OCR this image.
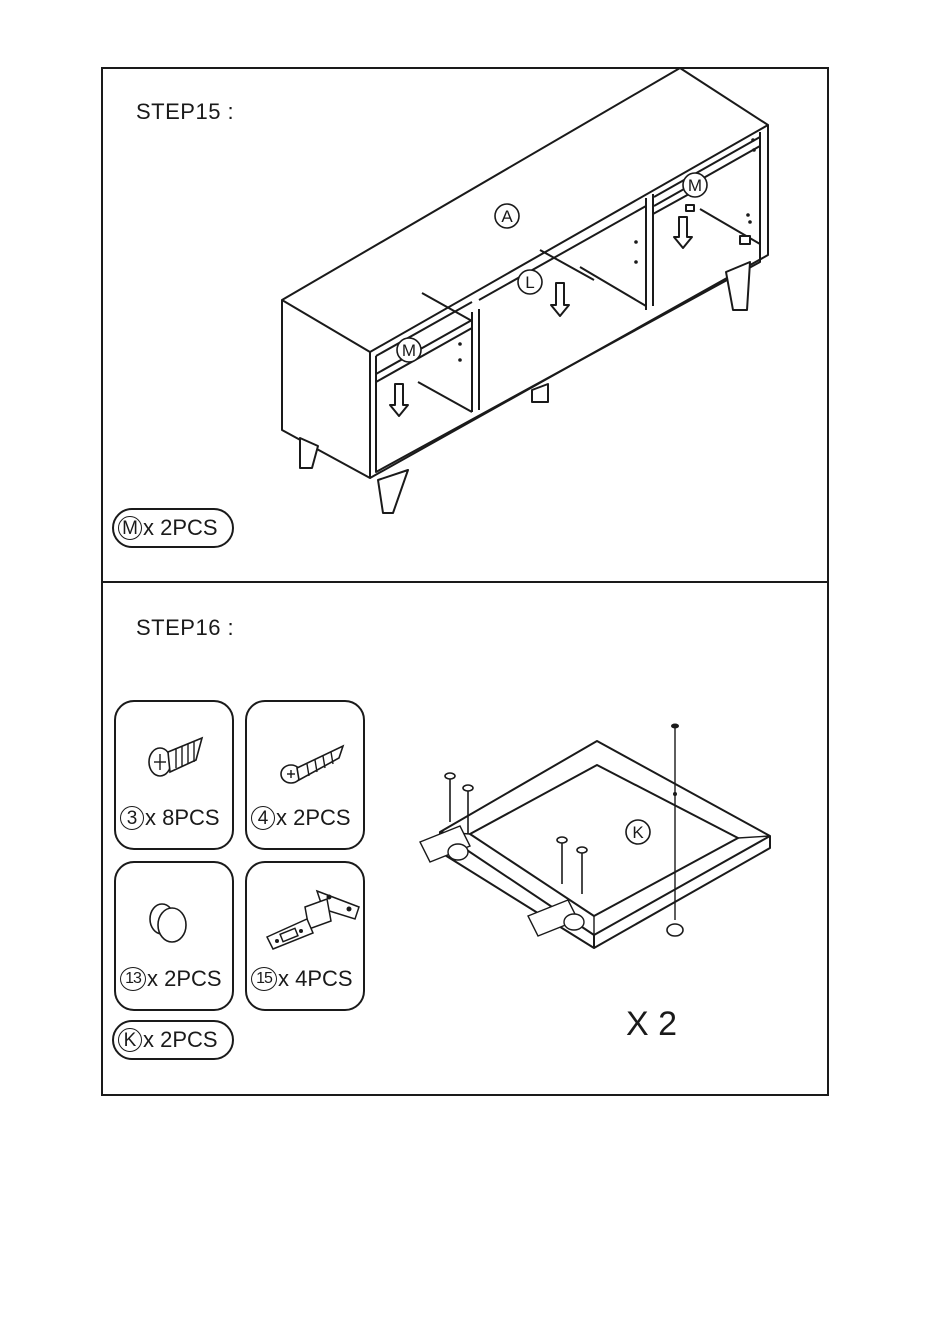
STEP15 :
A
L
M
M
M x 2PCS
STEP16 :
3 x 8PCS	4 x 2PCS
13 x 2PCS	15 x 4PCS
K x 2PCS
K
X 2
